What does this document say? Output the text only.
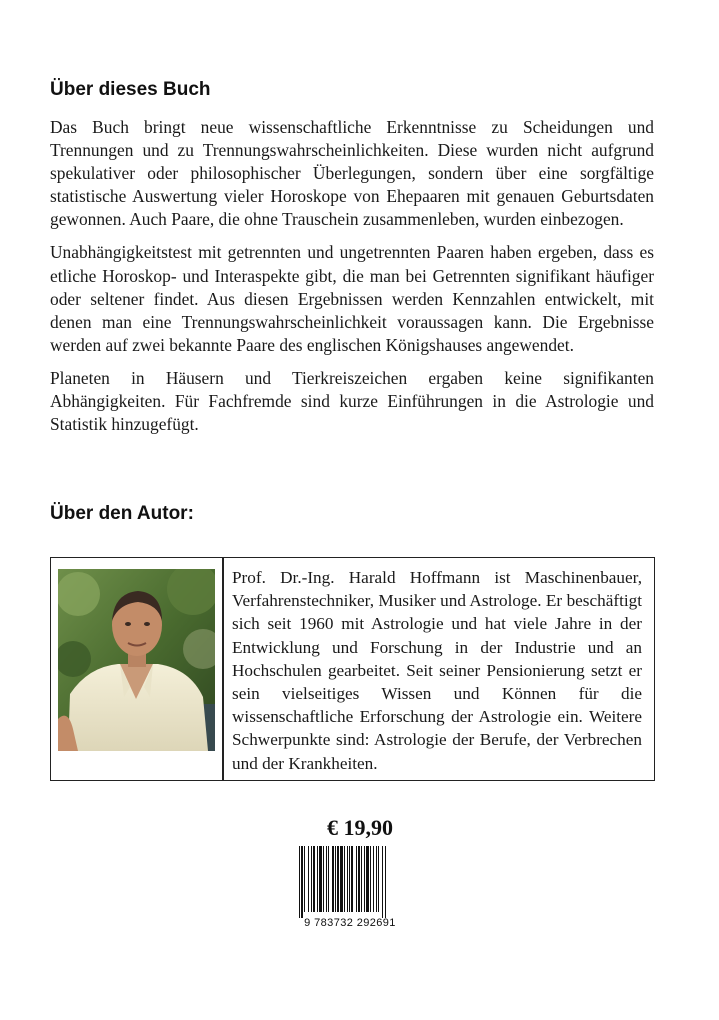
Über dieses Buch

Das Buch bringt neue wissenschaftliche Erkenntnisse zu Scheidungen und Trennungen und zu Trennungswahrscheinlichkeiten. Diese wurden nicht aufgrund spekulativer oder philosophischer Überlegungen, sondern über eine sorgfältige statistische Auswertung vieler Horoskope von Ehepaaren mit genauen Geburtsdaten gewonnen. Auch Paare, die ohne Trauschein zusammenleben, wurden einbezogen.

Unabhängigkeitstest mit getrennten und ungetrennten Paaren haben ergeben, dass es etliche Horoskop- und Interaspekte gibt, die man bei Getrennten signifikant häufiger oder seltener findet. Aus diesen Ergebnissen werden Kennzahlen entwickelt, mit denen man eine Trennungswahrscheinlichkeit voraussagen kann. Die Ergebnisse werden auf zwei bekannte Paare des englischen Königshauses angewendet.

Planeten in Häusern und Tierkreiszeichen ergaben keine signifikanten Abhängigkeiten. Für Fachfremde sind kurze Einführungen in die Astrologie und Statistik hinzugefügt.

Über den Autor:

Prof. Dr.-Ing. Harald Hoffmann ist Maschinenbauer, Verfahrenstechniker, Musiker und Astrologe. Er beschäftigt sich seit 1960 mit Astrologie und hat viele Jahre in der Entwicklung und Forschung in der Industrie und an Hochschulen gearbeitet. Seit seiner Pensionierung setzt er sein vielseitiges Wissen und Können für die wissenschaftliche Erforschung der Astrologie ein. Weitere Schwerpunkte sind: Astrologie der Berufe, der Verbrechen und der Krankheiten.

€ 19,90
9 783732 292691
